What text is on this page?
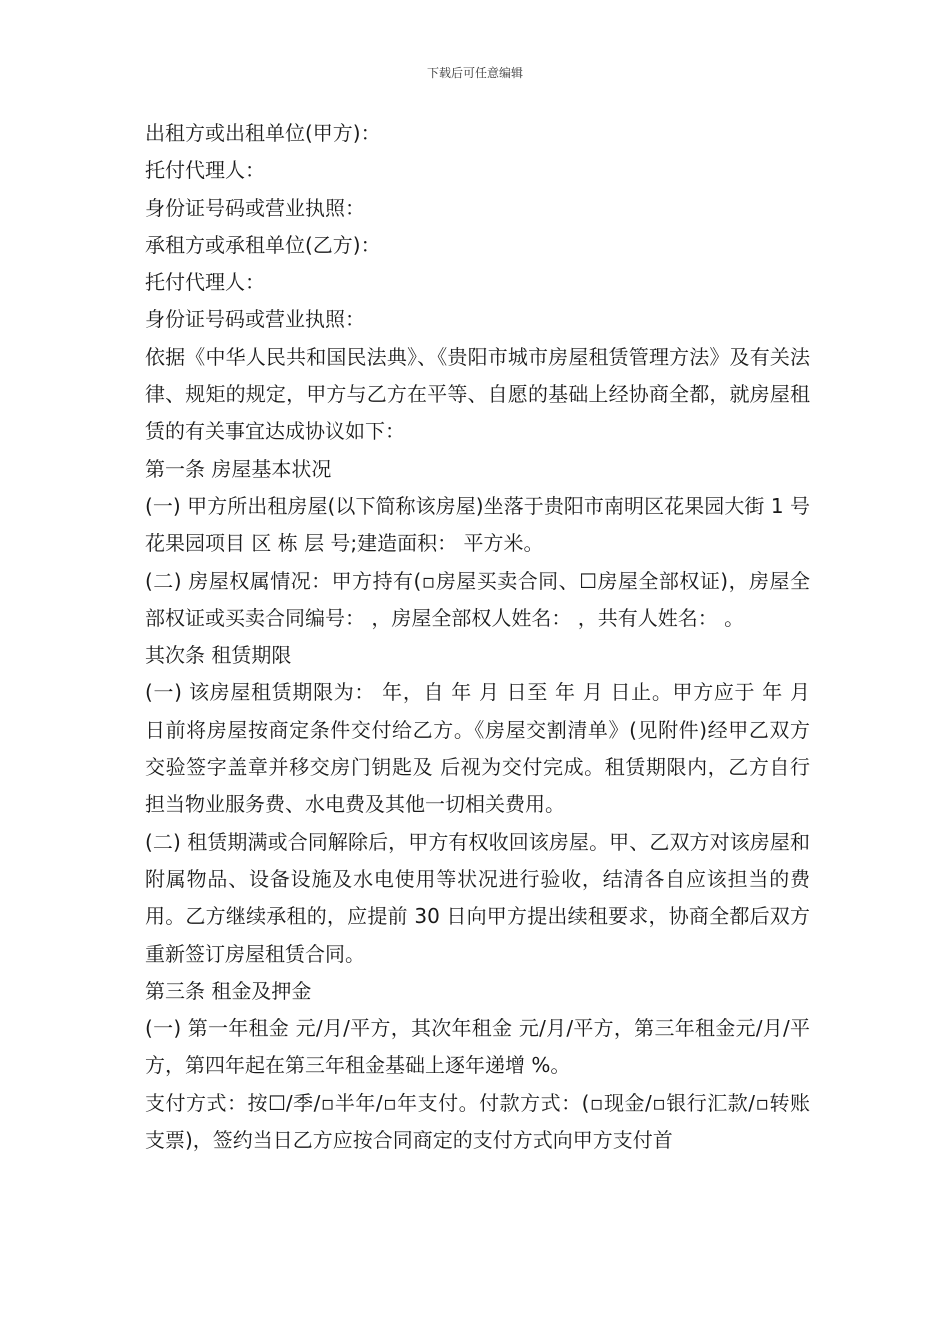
下载后可任意编辑

出租方或出租单位(甲方)：

托付代理人：

身份证号码或营业执照：

承租方或承租单位(乙方)：

托付代理人：

身份证号码或营业执照：

依据《中华人民共和国民法典》、《贵阳市城市房屋租赁管理方法》及有关法律、规矩的规定，甲方与乙方在平等、自愿的基础上经协商全都，就房屋租赁的有关事宜达成协议如下：

第一条 房屋基本状况

(一) 甲方所出租房屋(以下简称该房屋)坐落于贵阳市南明区花果园大街 1 号花果园项目 区 栋 层 号;建造面积： 平方米。

(二) 房屋权属情况：甲方持有(▫房屋买卖合同、☐房屋全部权证)，房屋全部权证或买卖合同编号： ，房屋全部权人姓名： ，共有人姓名： 。

其次条 租赁期限

(一) 该房屋租赁期限为： 年，自 年 月 日至 年 月 日止。甲方应于 年 月 日前将房屋按商定条件交付给乙方。《房屋交割清单》(见附件)经甲乙双方交验签字盖章并移交房门钥匙及 后视为交付完成。租赁期限内，乙方自行担当物业服务费、水电费及其他一切相关费用。

(二) 租赁期满或合同解除后，甲方有权收回该房屋。甲、乙双方对该房屋和附属物品、设备设施及水电使用等状况进行验收，结清各自应该担当的费用。乙方继续承租的，应提前 30 日向甲方提出续租要求，协商全都后双方重新签订房屋租赁合同。

第三条 租金及押金

(一) 第一年租金 元/月/平方，其次年租金 元/月/平方，第三年租金元/月/平方，第四年起在第三年租金基础上逐年递增 %。

支付方式：按☐/季/▫半年/▫年支付。付款方式：(▫现金/▫银行汇款/▫转账支票)，签约当日乙方应按合同商定的支付方式向甲方支付首
